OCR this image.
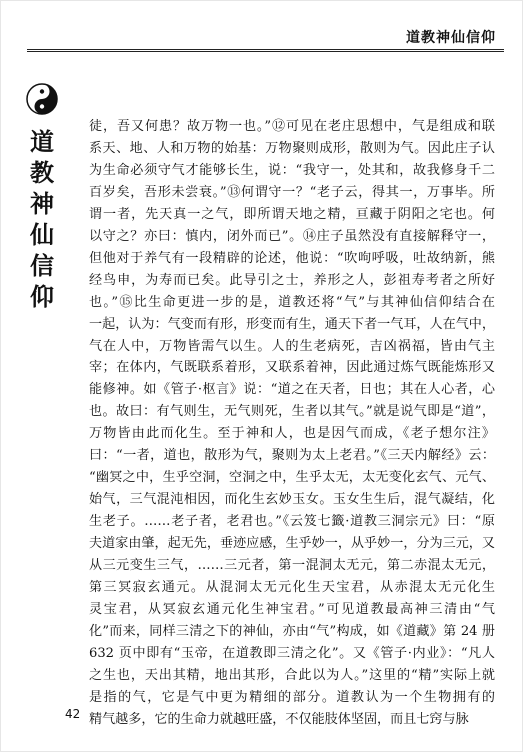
道教神仙信仰
道
教
神
仙
信
仰
徒，吾又何患？故万物一也。”⑫可见在老庄思想中，气是组成和联
系天、地、人和万物的始基：万物聚则成形，散则为气。因此庄子认
为生命必须守气才能够长生，说：“我守一，处其和，故我修身千二
百岁矣，吾形未尝衰。”⑬何谓守一？“老子云，得其一，万事毕。所
谓一者，先天真一之气，即所谓天地之精，亘藏于阴阳之宅也。何
以守之？亦曰：慎内，闭外而已”。⑭庄子虽然没有直接解释守一，
但他对于养气有一段精辟的论述，他说：“吹呴呼吸，吐故纳新，熊
经鸟申，为寿而已矣。此导引之士，养形之人，彭祖寿考者之所好
也。”⑮比生命更进一步的是，道教还将“气”与其神仙信仰结合在
一起，认为：气变而有形，形变而有生，通天下者一气耳，人在气中，
气在人中，万物皆需气以生。人的生老病死，吉凶祸福，皆由气主
宰；在体内，气既联系着形，又联系着神，因此通过炼气既能炼形又
能修神。如《管子·枢言》说：“道之在天者，日也；其在人心者，心
也。故曰：有气则生，无气则死，生者以其气。”就是说气即是“道”，
万物皆由此而化生。至于神和人，也是因气而成，《老子想尔注》
曰：“一者，道也，散形为气，聚则为太上老君。”《三天内解经》云：
“幽冥之中，生乎空洞，空洞之中，生乎太无，太无变化玄气、元气、
始气，三气混沌相因，而化生玄妙玉女。玉女生生后，混气凝结，化
生老子。……老子者，老君也。”《云笈七籤·道教三洞宗元》曰：“原
夫道家由肇，起无先，垂迹应感，生乎妙一，从乎妙一，分为三元，又
从三元变生三气，……三元者，第一混洞太无元，第二赤混太无元，
第三冥寂玄通元。从混洞太无元化生天宝君，从赤混太无元化生
灵宝君，从冥寂玄通元化生神宝君。”可见道教最高神三清由“气
化”而来，同样三清之下的神仙，亦由“气”构成，如《道藏》第 24 册
632 页中即有“玉帝，在道教即三清之化”。又《管子·内业》：“凡人
之生也，天出其精，地出其形，合此以为人。”这里的“精”实际上就
是指的气，它是气中更为精细的部分。道教认为一个生物拥有的
精气越多，它的生命力就越旺盛，不仅能肢体坚固，而且七窍与脉
42
